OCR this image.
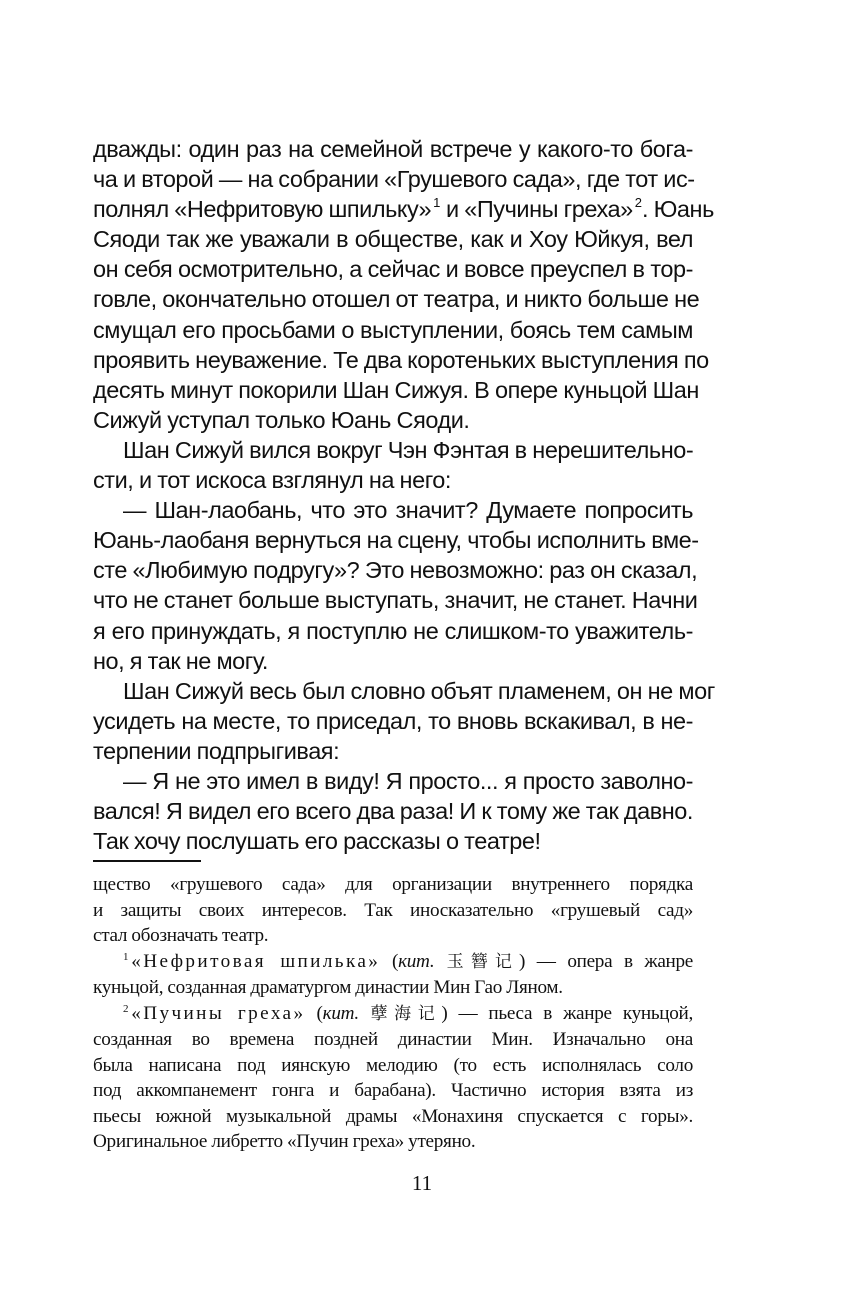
дважды: один раз на семейной встрече у какого-то бога-
ча и второй — на собрании «Грушевого сада», где тот ис-
полнял «Нефритовую шпильку» $^1$ и «Пучины греха» $^2$. Юань
Сяоди так же уважали в обществе, как и Хоу Юйкуя, вел
он себя осмотрительно, а сейчас и вовсе преуспел в тор-
говле, окончательно отошел от театра, и никто больше не
смущал его просьбами о выступлении, боясь тем самым
проявить неуважение. Те два коротеньких выступления по
десять минут покорили Шан Сижуя. В опере куньцой Шан
Сижуй уступал только Юань Сяоди.
Шан Сижуй вился вокруг Чэн Фэнтая в нерешительно-
сти, и тот искоса взглянул на него:
— Шан-лаобань, что это значит? Думаете попросить
Юань-лаобаня вернуться на сцену, чтобы исполнить вме-
сте «Любимую подругу»? Это невозможно: раз он сказал,
что не станет больше выступать, значит, не станет. Начни
я его принуждать, я поступлю не слишком-то уважитель-
но, я так не могу.
Шан Сижуй весь был словно объят пламенем, он не мог
усидеть на месте, то приседал, то вновь вскакивал, в не-
терпении подпрыгивая:
— Я не это имел в виду! Я просто... я просто заволно-
вался! Я видел его всего два раза! И к тому же так давно.
Так хочу послушать его рассказы о театре!
щество «грушевого сада» для организации внутреннего порядка
и защиты своих интересов. Так иносказательно «грушевый сад»
стал обозначать театр.
$^1$ «Нефритовая шпилька» (кит. 玉簪记) — опера в жанре
куньцой, созданная драматургом династии Мин Гао Ляном.
$^2$ «Пучины греха» (кит. 孽海记) — пьеса в жанре куньцой,
созданная во времена поздней династии Мин. Изначально она
была написана под иянскую мелодию (то есть исполнялась соло
под аккомпанемент гонга и барабана). Частично история взята из
пьесы южной музыкальной драмы «Монахиня спускается с горы».
Оригинальное либретто «Пучин греха» утеряно.
11
